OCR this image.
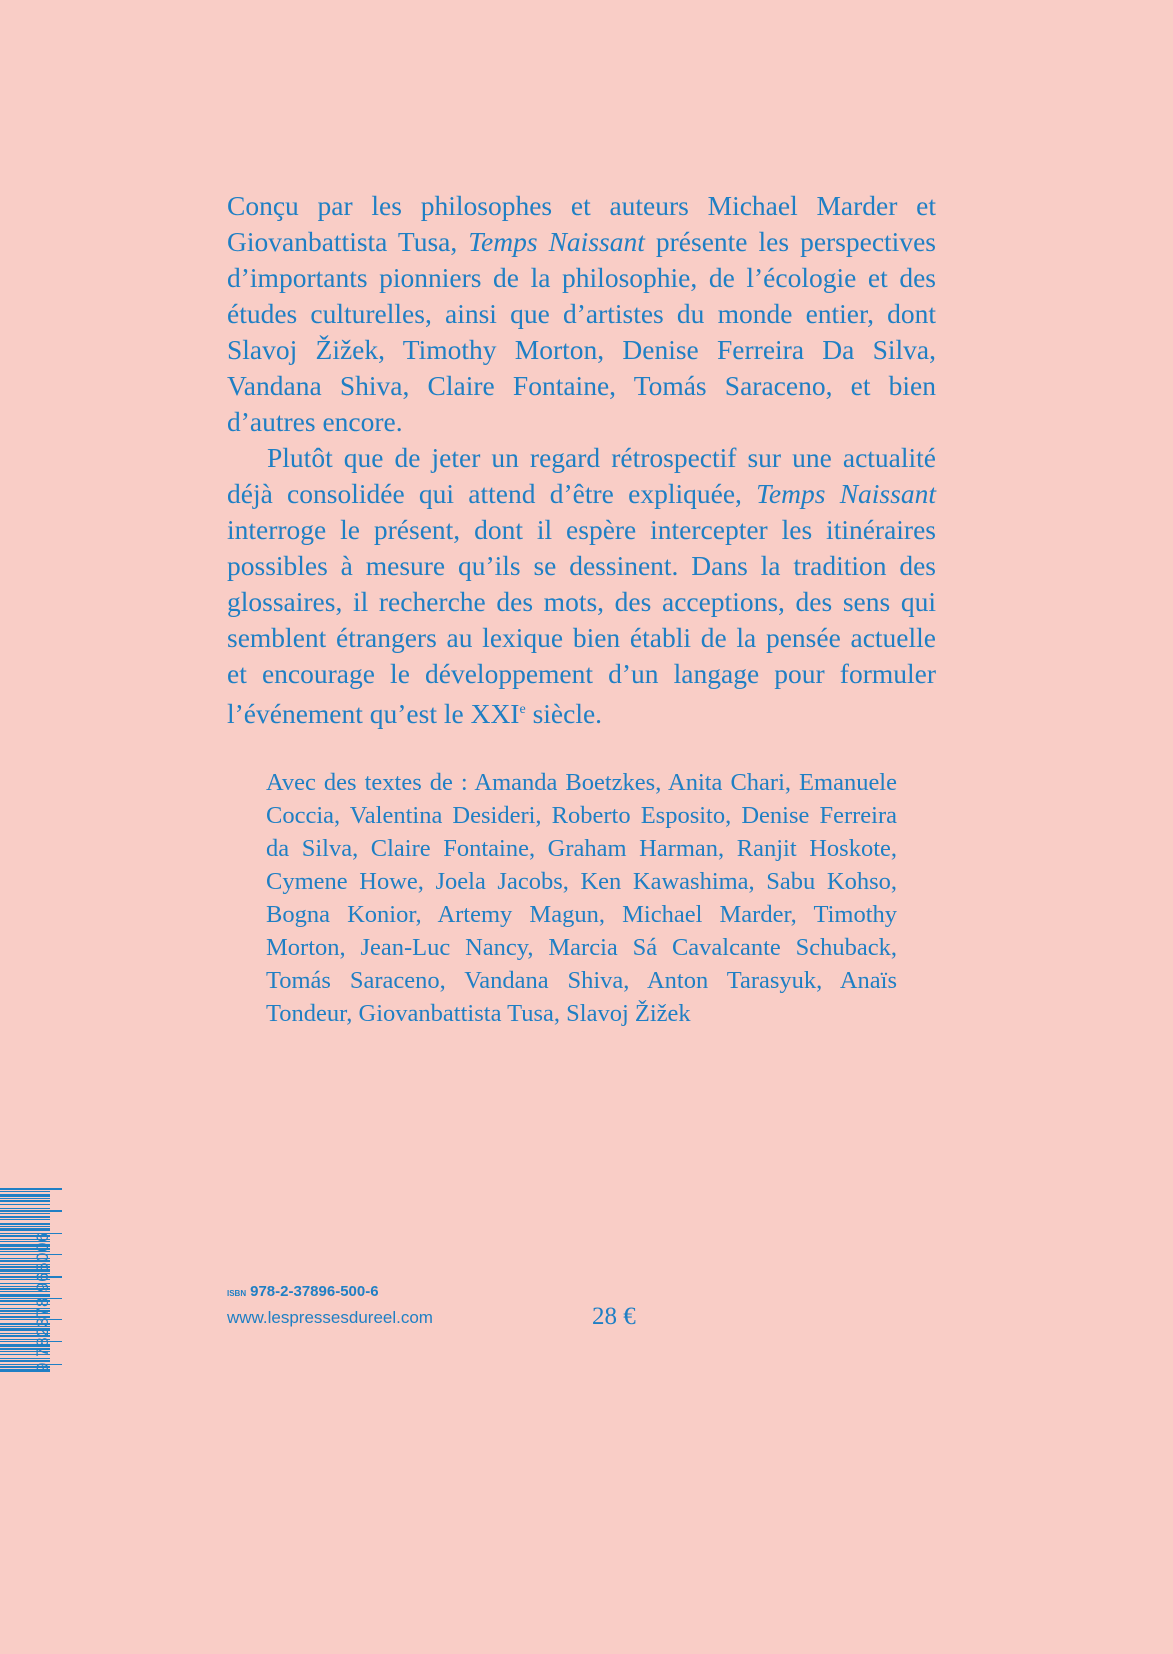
Conçu par les philosophes et auteurs Michael Marder et Giovanbattista Tusa, Temps Naissant présente les perspectives d’importants pionniers de la philosophie, de l’écologie et des études culturelles, ainsi que d’artistes du monde entier, dont Slavoj Žižek, Timothy Morton, Denise Ferreira Da Silva, Vandana Shiva, Claire Fontaine, Tomás Saraceno, et bien d’autres encore.

Plutôt que de jeter un regard rétrospectif sur une actualité déjà consolidée qui attend d’être expliquée, Temps Naissant interroge le présent, dont il espère intercepter les itinéraires possibles à mesure qu’ils se dessinent. Dans la tradition des glossaires, il recherche des mots, des acceptions, des sens qui semblent étrangers au lexique bien établi de la pensée actuelle et encourage le développement d’un langage pour formuler l’événement qu’est le XXIe siècle.

Avec des textes de : Amanda Boetzkes, Anita Chari, Emanuele Coccia, Valentina Desideri, Roberto Esposito, Denise Ferreira da Silva, Claire Fontaine, Graham Harman, Ranjit Hoskote, Cymene Howe, Joela Jacobs, Ken Kawashima, Sabu Kohso, Bogna Konior, Artemy Magun, Michael Marder, Timothy Morton, Jean-Luc Nancy, Marcia Sá Cavalcante Schuback, Tomás Saraceno, Vandana Shiva, Anton Tarasyuk, Anaïs Tondeur, Giovanbattista Tusa, Slavoj Žižek

9 782378 965006	ISBN 978-2-37896-500-6
www.lespressesdureel.com	28 €
